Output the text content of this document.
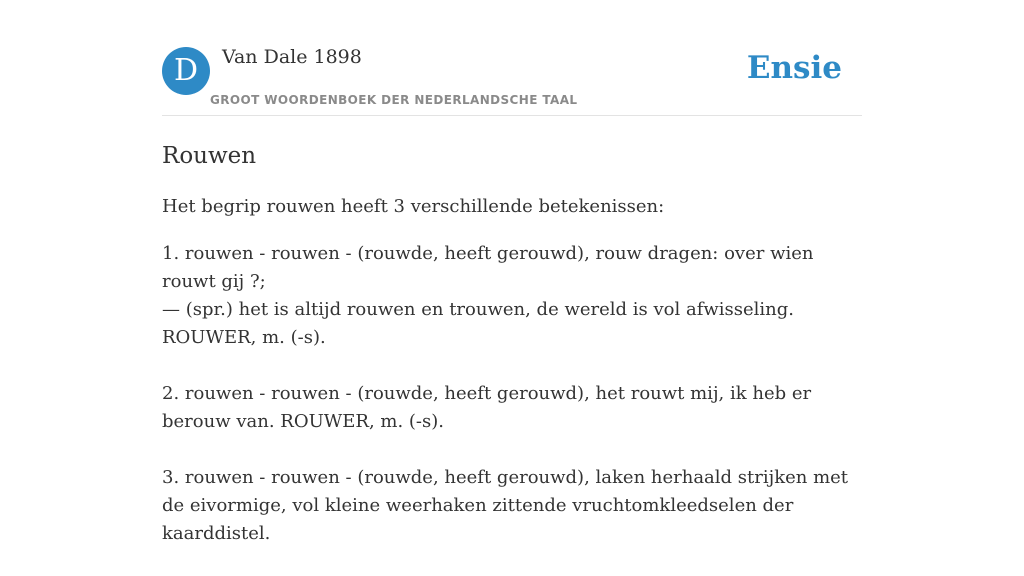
D	Van Dale 1898
GROOT WOORDENBOEK DER NEDERLANDSCHE TAAL
Ensie
Rouwen

Het begrip rouwen heeft 3 verschillende betekenissen:

1. rouwen - rouwen - (rouwde, heeft gerouwd), rouw dragen: over wien rouwt gij ?;

— (spr.) het is altijd rouwen en trouwen, de wereld is vol afwisseling. ROUWER, m. (-s).

2. rouwen - rouwen - (rouwde, heeft gerouwd), het rouwt mij, ik heb er berouw van. ROUWER, m. (-s).

3. rouwen - rouwen - (rouwde, heeft gerouwd), laken herhaald strijken met de eivormige, vol kleine weerhaken zittende vruchtomkleedselen der kaarddistel.
